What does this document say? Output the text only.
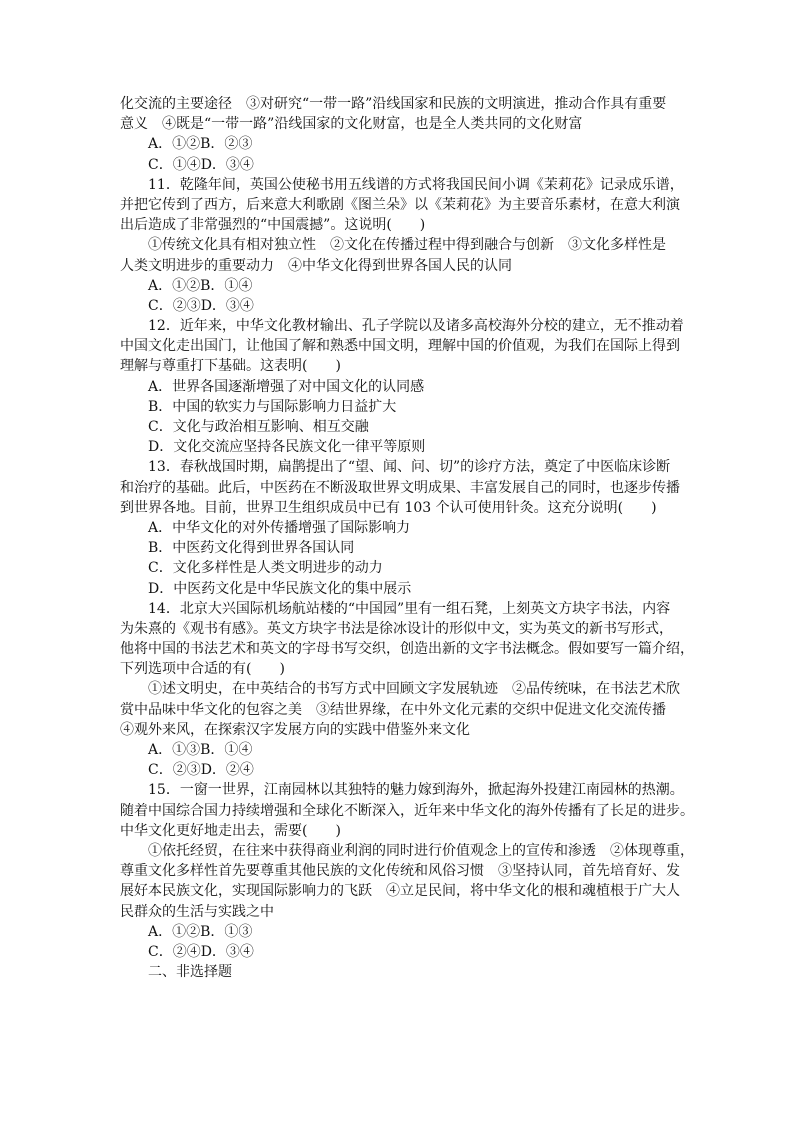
化交流的主要途径　③对研究“一带一路”沿线国家和民族的文明演进，推动合作具有重要
意义　④既是“一带一路”沿线国家的文化财富，也是全人类共同的文化财富
A．①②B．②③
C．①④D．③④
11．乾隆年间，英国公使秘书用五线谱的方式将我国民间小调《茉莉花》记录成乐谱，
并把它传到了西方，后来意大利歌剧《图兰朵》以《茉莉花》为主要音乐素材，在意大利演
出后造成了非常强烈的“中国震撼”。这说明(　　)
①传统文化具有相对独立性　②文化在传播过程中得到融合与创新　③文化多样性是
人类文明进步的重要动力　④中华文化得到世界各国人民的认同
A．①②B．①④
C．②③D．③④
12．近年来，中华文化教材输出、孔子学院以及诸多高校海外分校的建立，无不推动着
中国文化走出国门，让他国了解和熟悉中国文明，理解中国的价值观，为我们在国际上得到
理解与尊重打下基础。这表明(　　)
A．世界各国逐渐增强了对中国文化的认同感
B．中国的软实力与国际影响力日益扩大
C．文化与政治相互影响、相互交融
D．文化交流应坚持各民族文化一律平等原则
13．春秋战国时期，扁鹊提出了“望、闻、问、切”的诊疗方法，奠定了中医临床诊断
和治疗的基础。此后，中医药在不断汲取世界文明成果、丰富发展自己的同时，也逐步传播
到世界各地。目前，世界卫生组织成员中已有 103 个认可使用针灸。这充分说明(　　)
A．中华文化的对外传播增强了国际影响力
B．中医药文化得到世界各国认同
C．文化多样性是人类文明进步的动力
D．中医药文化是中华民族文化的集中展示
14．北京大兴国际机场航站楼的“中国园”里有一组石凳，上刻英文方块字书法，内容
为朱熹的《观书有感》。英文方块字书法是徐冰设计的形似中文，实为英文的新书写形式，
他将中国的书法艺术和英文的字母书写交织，创造出新的文字书法概念。假如要写一篇介绍，
下列选项中合适的有(　　)
①述文明史，在中英结合的书写方式中回顾文字发展轨迹　②品传统味，在书法艺术欣
赏中品味中华文化的包容之美　③结世界缘，在中外文化元素的交织中促进文化交流传播
④观外来风，在探索汉字发展方向的实践中借鉴外来文化
A．①③B．①④
C．②③D．②④
15．一窗一世界，江南园林以其独特的魅力嫁到海外，掀起海外投建江南园林的热潮。
随着中国综合国力持续增强和全球化不断深入，近年来中华文化的海外传播有了长足的进步。
中华文化更好地走出去，需要(　　)
①依托经贸，在往来中获得商业利润的同时进行价值观念上的宣传和渗透　②体现尊重，
尊重文化多样性首先要尊重其他民族的文化传统和风俗习惯　③坚持认同，首先培育好、发
展好本民族文化，实现国际影响力的飞跃　④立足民间，将中华文化的根和魂植根于广大人
民群众的生活与实践之中
A．①②B．①③
C．②④D．③④
二、非选择题
